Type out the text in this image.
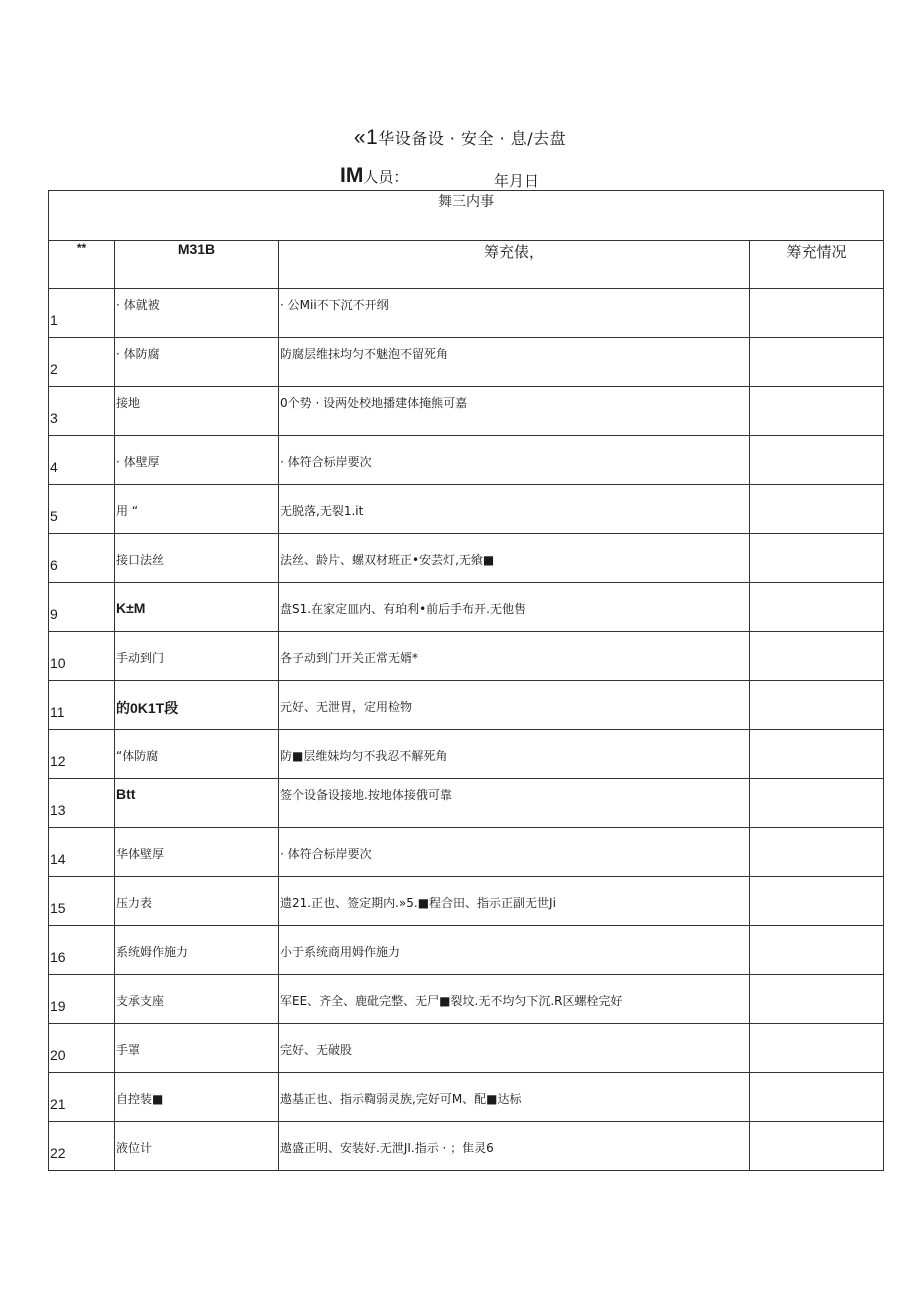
«1华设备设 · 安全 · 息/去盘
IM人员：	年月日
舞三内事			
**	M31B	筹充俵，	筹充情况

1	· 体就被	· 公Mii不下沉不开纲	

2	· 体防腐	防腐层维抹均匀不魅泡不留死角	

3	接地	0个势 · 设两处校地播建体掩熊可嘉	

4	· 体壁厚	· 体符合标岸要次	

5	用 “	无脱落,无裂1.it	

6	接口法丝	法丝、龄片、螺双材班正•安芸灯,无飨■	

9	K±M	盘S1.在家定皿内、有珀利•前后手布开.无他售	

10	手动到门	各子动到门开关正常无婿*	

11	的0K1T段	元好、无泄胃，定用检物	

12	“体防腐	防■层维妹均匀不我忍不解死角	

13	Btt	签个设备设接地.按地体接俄可靠	

14	华体壁厚	· 体符合标岸要次	

15	压力表	遗21.正也、签定期内.»5.■程合田、指示正副无世Ji	

16	系统姆作施力	小于系统商用姆作施力	

19	支承支座	军EE、齐全、鹿砒完整、无尸■裂坟.无不均匀下沉.R区螺栓完好	

20	手罩	完好、无破股	

21	自控装■	遨基正也、指示鞫弱灵族,完好可M、配■达标	

22	液位计	遨盛正明、安装好.无泄JI.指示 · ；隹灵6	
